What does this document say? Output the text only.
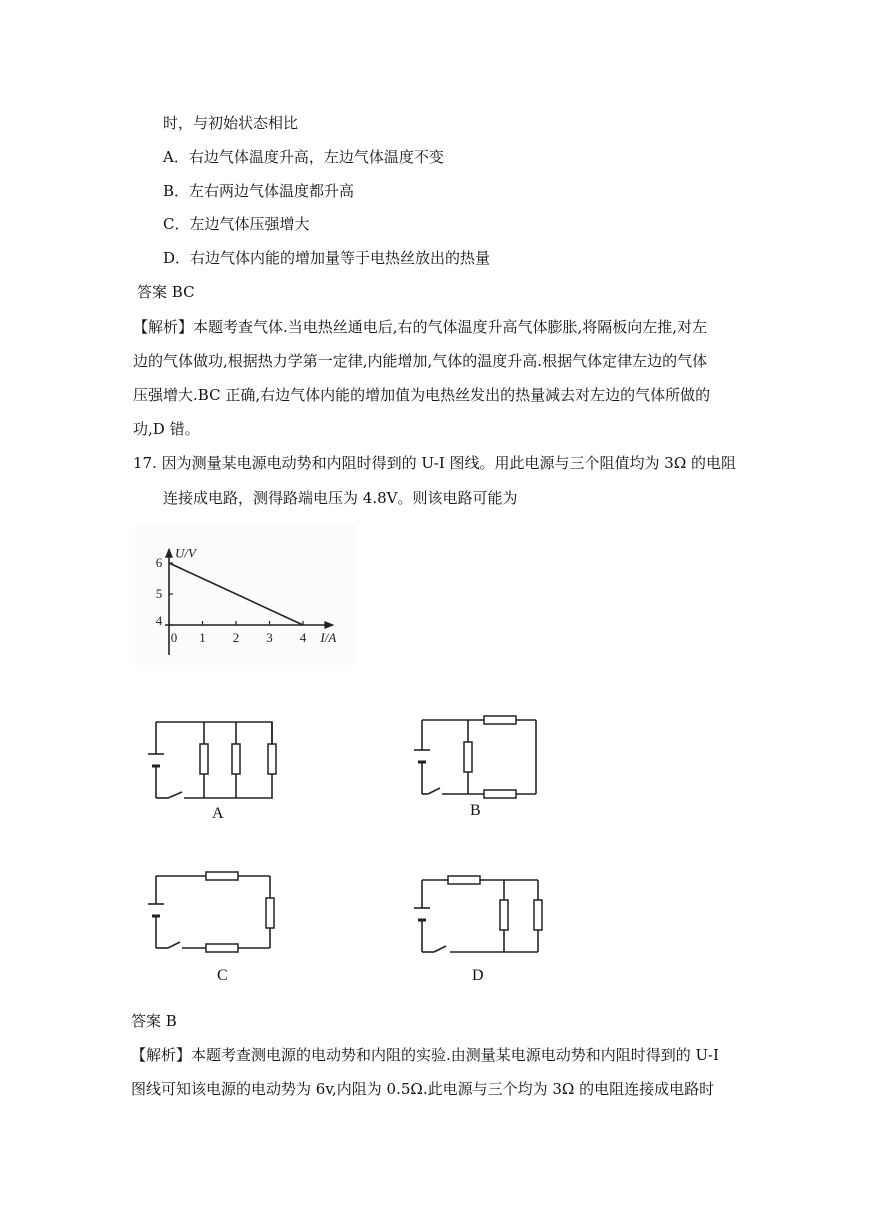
时，与初始状态相比
A．右边气体温度升高，左边气体温度不变
B．左右两边气体温度都升高
C．左边气体压强增大
D．右边气体内能的增加量等于电热丝放出的热量
答案 BC
【解析】本题考查气体.当电热丝通电后,右的气体温度升高气体膨胀,将隔板向左推,对左
边的气体做功,根据热力学第一定律,内能增加,气体的温度升高.根据气体定律左边的气体
压强增大.BC 正确,右边气体内能的增加值为电热丝发出的热量减去对左边的气体所做的
功,D 错。
17. 因为测量某电源电动势和内阻时得到的 U-I 图线。用此电源与三个阻值均为 3Ω 的电阻
连接成电路，测得路端电压为 4.8V。则该电路可能为
0 1 2 3 4
4
5
6
U/V
I/A
A	B
C	D
答案 B
【解析】本题考查测电源的电动势和内阻的实验.由测量某电源电动势和内阻时得到的 U-I
图线可知该电源的电动势为 6v,内阻为 0.5Ω.此电源与三个均为 3Ω 的电阻连接成电路时
